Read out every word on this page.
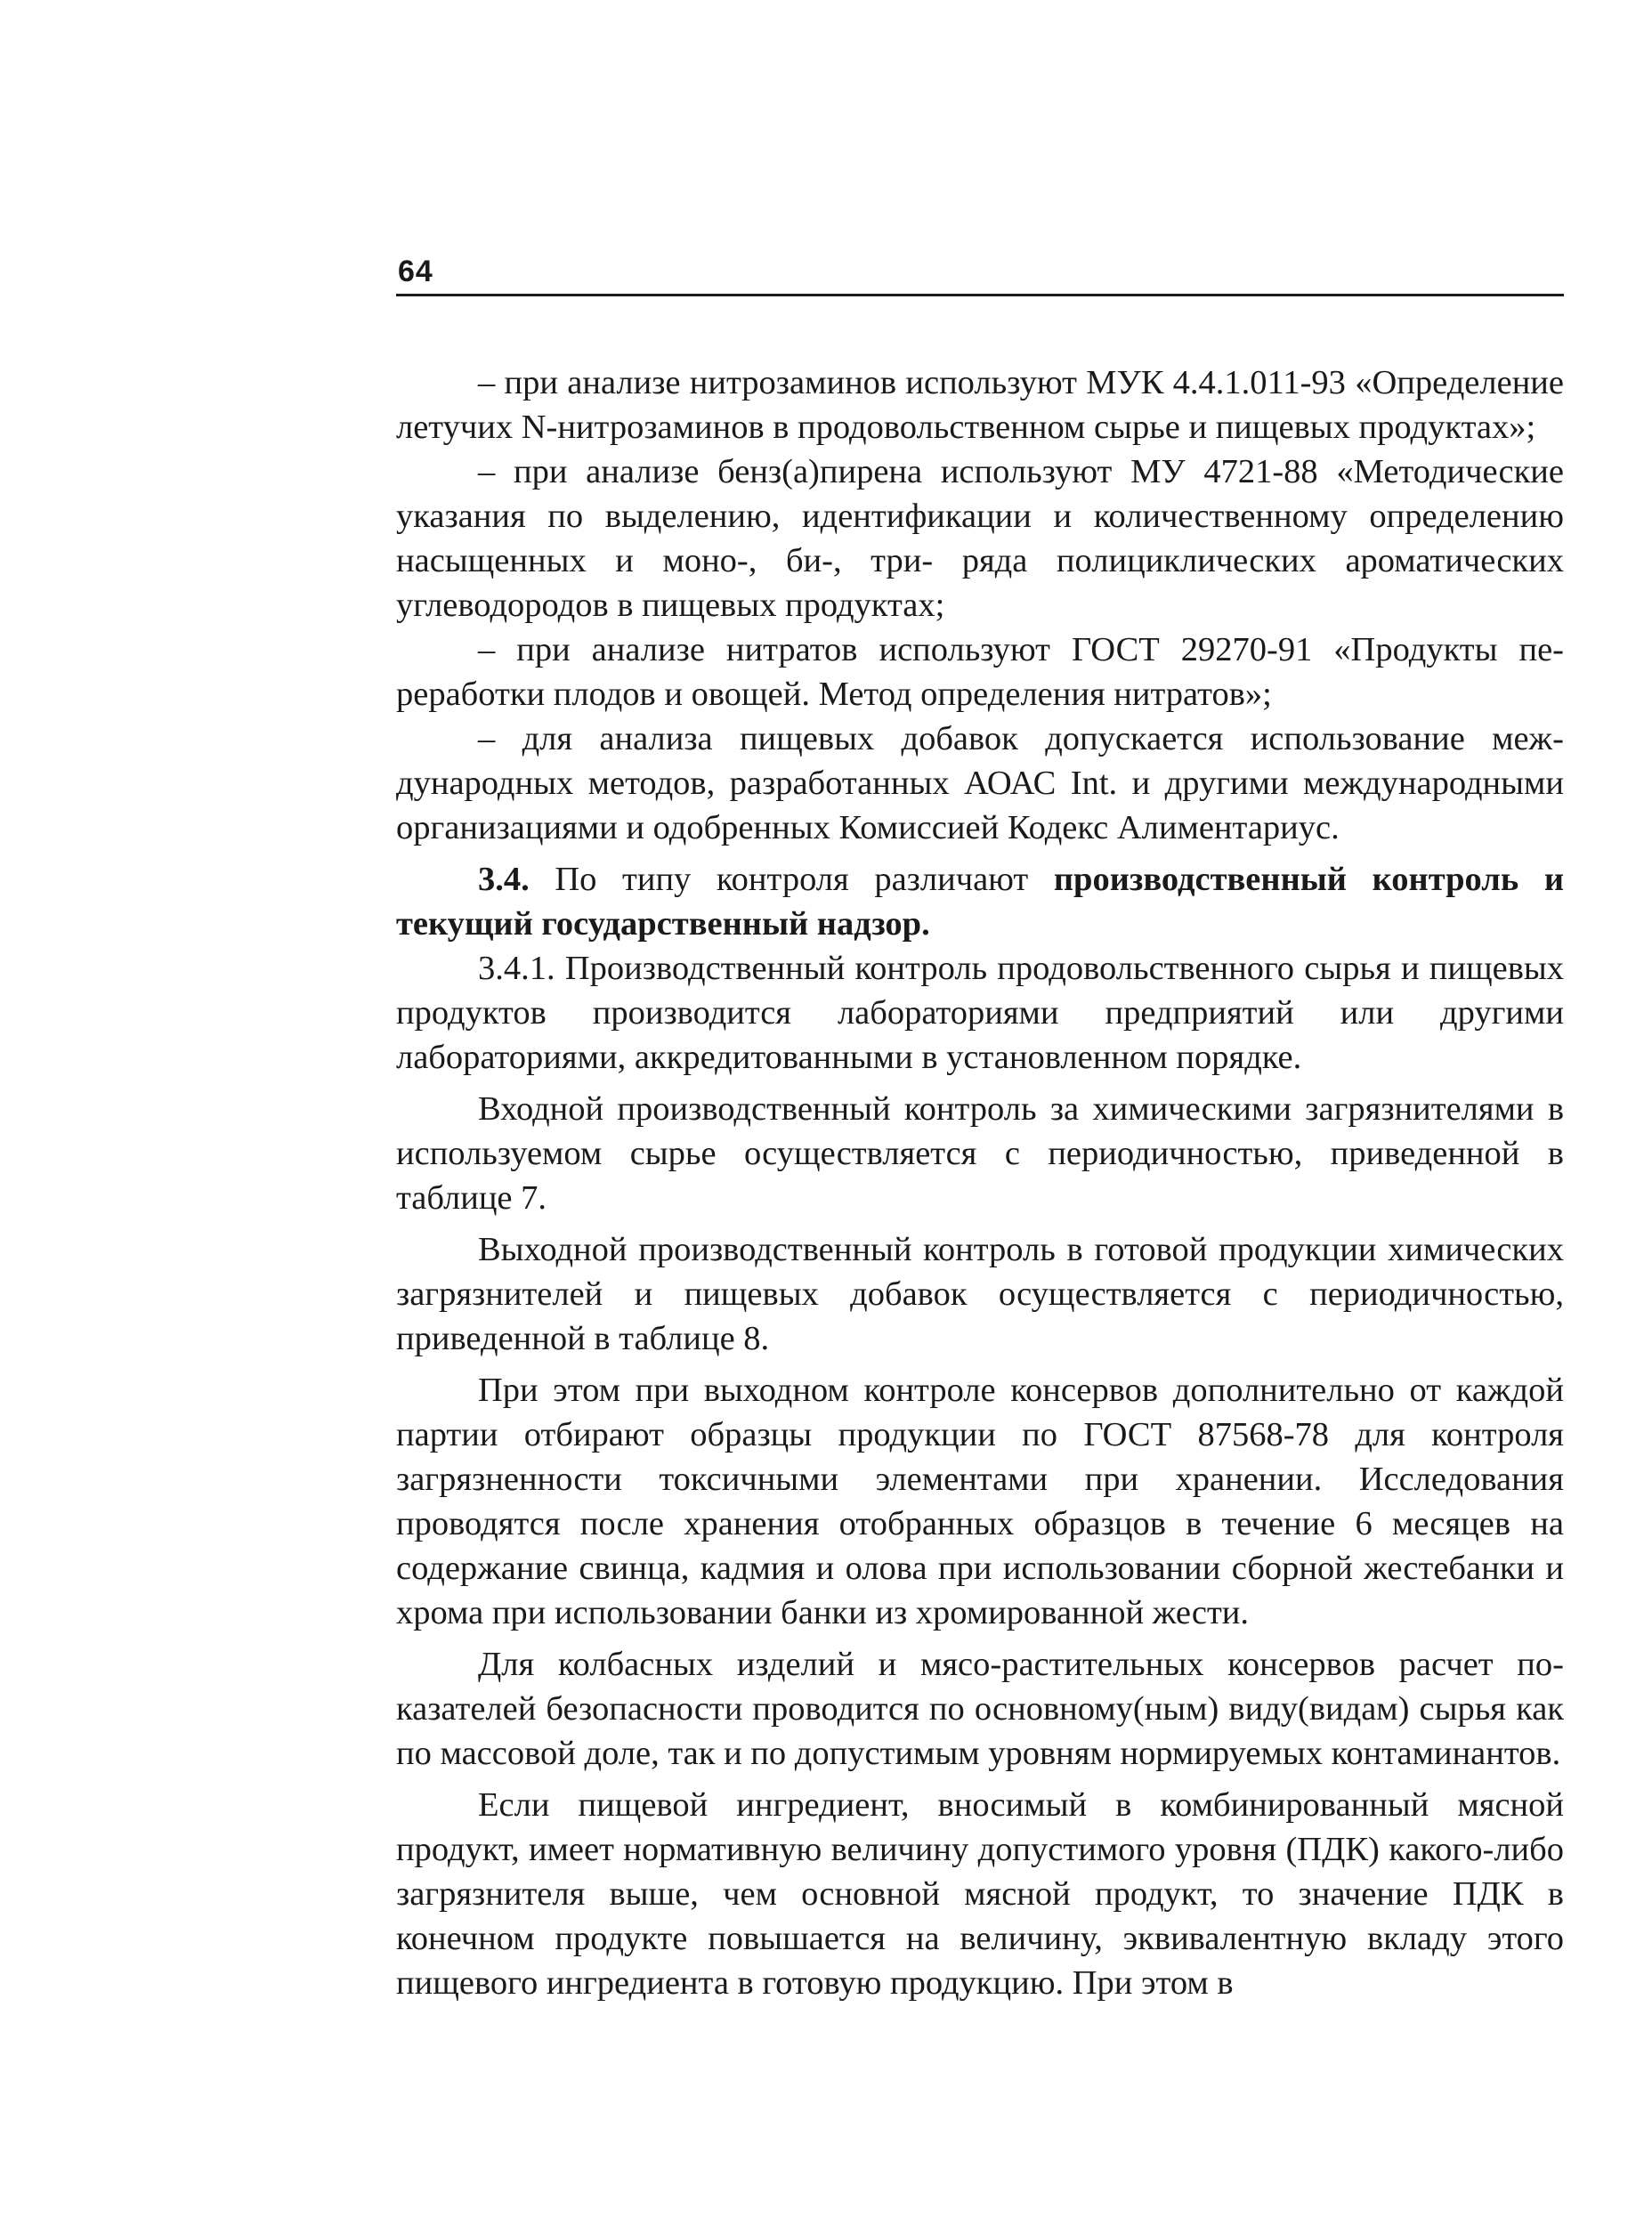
64

– при анализе нитрозаминов используют МУК 4.4.1.011-93 «Определение летучих N-нитрозаминов в продовольственном сырье и пищевых продуктах»;

– при анализе бенз(а)пирена используют МУ 4721-88 «Методические указания по выделению, идентификации и количественному определению насыщенных и моно-, би-, три- ряда полициклических ароматических углеводородов в пищевых продуктах;

– при анализе нитратов используют ГОСТ 29270-91 «Продукты переработки плодов и овощей. Метод определения нитратов»;

– для анализа пищевых добавок допускается использование международных методов, разработанных АОАС Int. и другими международными организациями и одобренных Комиссией Кодекс Алиментариус.

3.4. По типу контроля различают производственный контроль и текущий государственный надзор.

3.4.1. Производственный контроль продовольственного сырья и пищевых продуктов производится лабораториями предприятий или другими лабораториями, аккредитованными в установленном порядке.

Входной производственный контроль за химическими загрязнителями в используемом сырье осуществляется с периодичностью, приведенной в таблице 7.

Выходной производственный контроль в готовой продукции химических загрязнителей и пищевых добавок осуществляется с периодичностью, приведенной в таблице 8.

При этом при выходном контроле консервов дополнительно от каждой партии отбирают образцы продукции по ГОСТ 87568-78 для контроля загрязненности токсичными элементами при хранении. Исследования проводятся после хранения отобранных образцов в течение 6 месяцев на содержание свинца, кадмия и олова при использовании сборной жестебанки и хрома при использовании банки из хромированной жести.

Для колбасных изделий и мясо-растительных консервов расчет показателей безопасности проводится по основному(ным) виду(видам) сырья как по массовой доле, так и по допустимым уровням нормируемых контаминантов.

Если пищевой ингредиент, вносимый в комбинированный мясной продукт, имеет нормативную величину допустимого уровня (ПДК) какого-либо загрязнителя выше, чем основной мясной продукт, то значение ПДК в конечном продукте повышается на величину, эквивалентную вкладу этого пищевого ингредиента в готовую продукцию. При этом в
